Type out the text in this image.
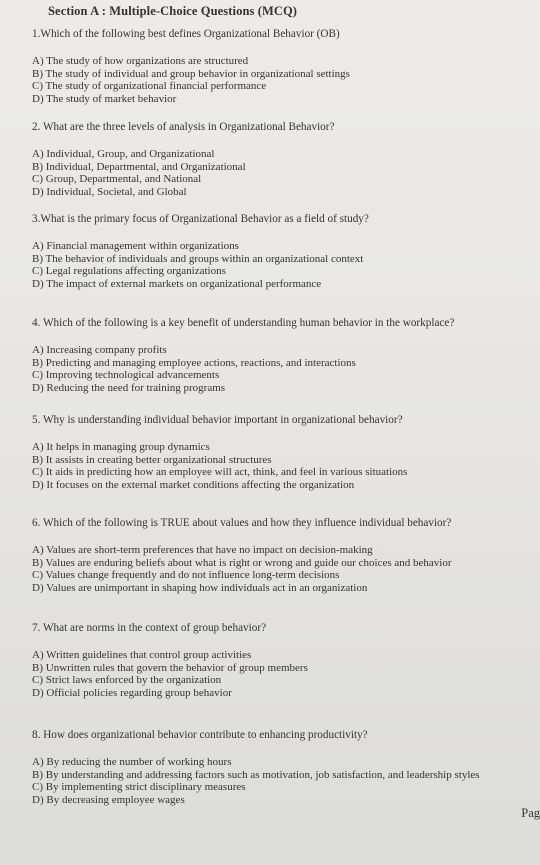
Section A : Multiple-Choice Questions (MCQ)
1.Which of the following best defines Organizational Behavior (OB)
A) The study of how organizations are structured
B) The study of individual and group behavior in organizational settings
C) The study of organizational financial performance
D) The study of market behavior
2. What are the three levels of analysis in Organizational Behavior?
A) Individual, Group, and Organizational
B) Individual, Departmental, and Organizational
C) Group, Departmental, and National
D) Individual, Societal, and Global
3.What is the primary focus of Organizational Behavior as a field of study?
A) Financial management within organizations
B) The behavior of individuals and groups within an organizational context
C) Legal regulations affecting organizations
D) The impact of external markets on organizational performance
4. Which of the following is a key benefit of understanding human behavior in the workplace?
A) Increasing company profits
B) Predicting and managing employee actions, reactions, and interactions
C) Improving technological advancements
D) Reducing the need for training programs
5. Why is understanding individual behavior important in organizational behavior?
A) It helps in managing group dynamics
B) It assists in creating better organizational structures
C) It aids in predicting how an employee will act, think, and feel in various situations
D) It focuses on the external market conditions affecting the organization
6. Which of the following is TRUE about values and how they influence individual behavior?
A) Values are short-term preferences that have no impact on decision-making
B) Values are enduring beliefs about what is right or wrong and guide our choices and behavior
C) Values change frequently and do not influence long-term decisions
D) Values are unimportant in shaping how individuals act in an organization
7. What are norms in the context of group behavior?
A) Written guidelines that control group activities
B) Unwritten rules that govern the behavior of group members
C) Strict laws enforced by the organization
D) Official policies regarding group behavior
8. How does organizational behavior contribute to enhancing productivity?
A) By reducing the number of working hours
B) By understanding and addressing factors such as motivation, job satisfaction, and leadership styles
C) By implementing strict disciplinary measures
D) By decreasing employee wages
Pag
